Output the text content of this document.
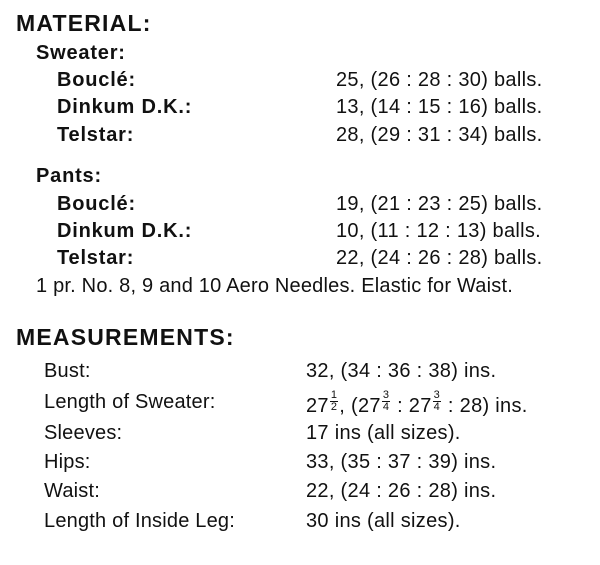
MATERIAL:
Sweater:
Bouclé:	25, (26 : 28 : 30) balls.
Dinkum D.K.:	13, (14 : 15 : 16) balls.
Telstar:	28, (29 : 31 : 34) balls.
Pants:
Bouclé:	19, (21 : 23 : 25) balls.
Dinkum D.K.:	10, (11 : 12 : 13) balls.
Telstar:	22, (24 : 26 : 28) balls.
1 pr. No. 8, 9 and 10 Aero Needles. Elastic for Waist.
MEASUREMENTS:
Bust:	32, (34 : 36 : 38) ins.
Length of Sweater:	$27 \frac{1}{2}$ , ($27 \frac{3}{4}$ : $27 \frac{3}{4}$ : 28) ins.
Sleeves:	17 ins (all sizes).
Hips:	33, (35 : 37 : 39) ins.
Waist:	22, (24 : 26 : 28) ins.
Length of Inside Leg:	30 ins (all sizes).
